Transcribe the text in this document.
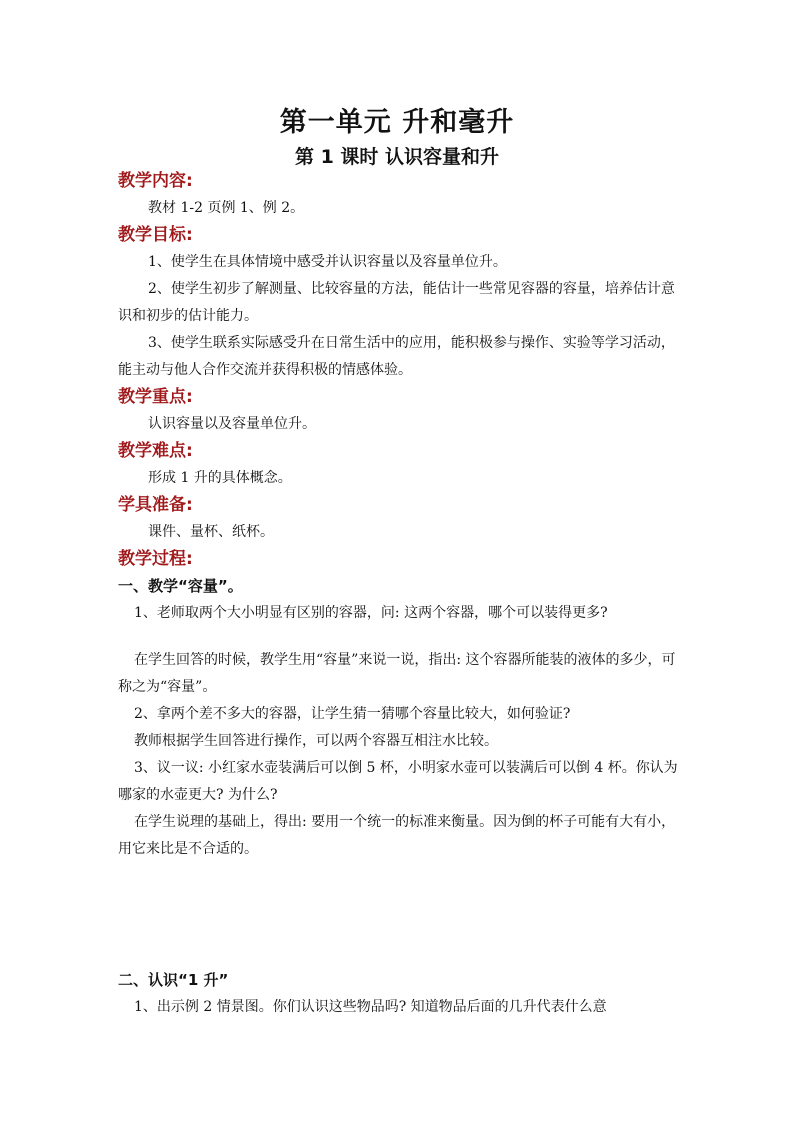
第一单元 升和毫升
第 1 课时 认识容量和升
教学内容:

教材 1-2 页例 1、例 2。

教学目标:

1、使学生在具体情境中感受并认识容量以及容量单位升。

2、使学生初步了解测量、比较容量的方法，能估计一些常见容器的容量，培养估计意识和初步的估计能力。

3、使学生联系实际感受升在日常生活中的应用，能积极参与操作、实验等学习活动，能主动与他人合作交流并获得积极的情感体验。

教学重点:

认识容量以及容量单位升。

教学难点:

形成 1 升的具体概念。

学具准备:

课件、量杯、纸杯。

教学过程:
一、教学“容量”。

1、老师取两个大小明显有区别的容器，问: 这两个容器，哪个可以装得更多?

在学生回答的时候，教学生用“容量”来说一说，指出: 这个容器所能装的液体的多少，可称之为“容量”。

2、拿两个差不多大的容器，让学生猜一猜哪个容量比较大，如何验证?

教师根据学生回答进行操作，可以两个容器互相注水比较。

3、议一议: 小红家水壶装满后可以倒 5 杯，小明家水壶可以装满后可以倒 4 杯。你认为哪家的水壶更大? 为什么?

在学生说理的基础上，得出: 要用一个统一的标准来衡量。因为倒的杯子可能有大有小，用它来比是不合适的。

二、认识“1 升”

1、出示例 2 情景图。你们认识这些物品吗? 知道物品后面的几升代表什么意
